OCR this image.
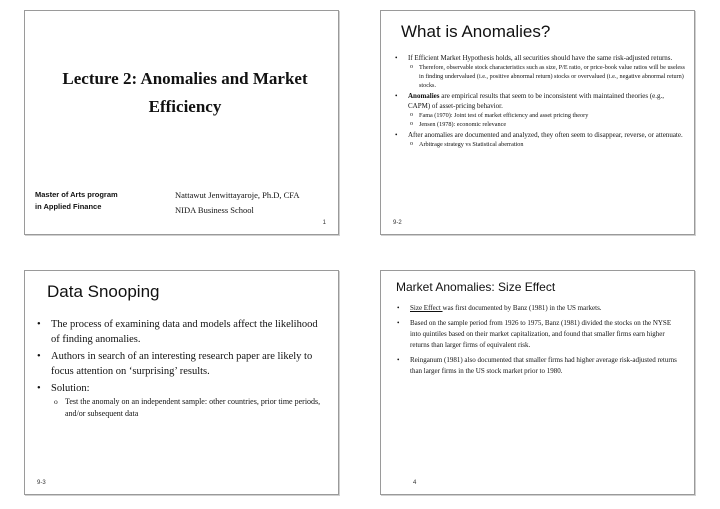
Lecture 2: Anomalies and Market Efficiency
Master of Arts program
in Applied Finance
Nattawut Jenwittayaroje, Ph.D, CFA
NIDA Business School
1
What is Anomalies?
• If Efficient Market Hypothesis holds, all securities should have the same risk-adjusted returns.
o Therefore, observable stock characteristics such as size, P/E ratio, or price-book value ratios will be useless in finding undervalued (i.e., positive abnormal return) stocks or overvalued (i.e., negative abnormal return) stocks.
• Anomalies are empirical results that seem to be inconsistent with maintained theories (e.g., CAPM) of asset-pricing behavior.
o Fama (1970): Joint test of market efficiency and asset pricing theory
o Jensen (1978): economic relevance
• After anomalies are documented and analyzed, they often seem to disappear, reverse, or attenuate.
o Arbitrage strategy vs Statistical aberration
9-2
Data Snooping
• The process of examining data and models affect the likelihood of finding anomalies.
• Authors in search of an interesting research paper are likely to focus attention on ‘surprising’ results.
• Solution:
o Test the anomaly on an independent sample: other countries, prior time periods, and/or subsequent data
9-3
Market Anomalies: Size Effect
• Size Effect was first documented by Banz (1981) in the US markets.
• Based on the sample period from 1926 to 1975, Banz (1981) divided the stocks on the NYSE into quintiles based on their market capitalization, and found that smaller firms earn higher returns than larger firms of equivalent risk.
• Reinganum (1981) also documented that smaller firms had higher average risk-adjusted returns than larger firms in the US stock market prior to 1980.
4
